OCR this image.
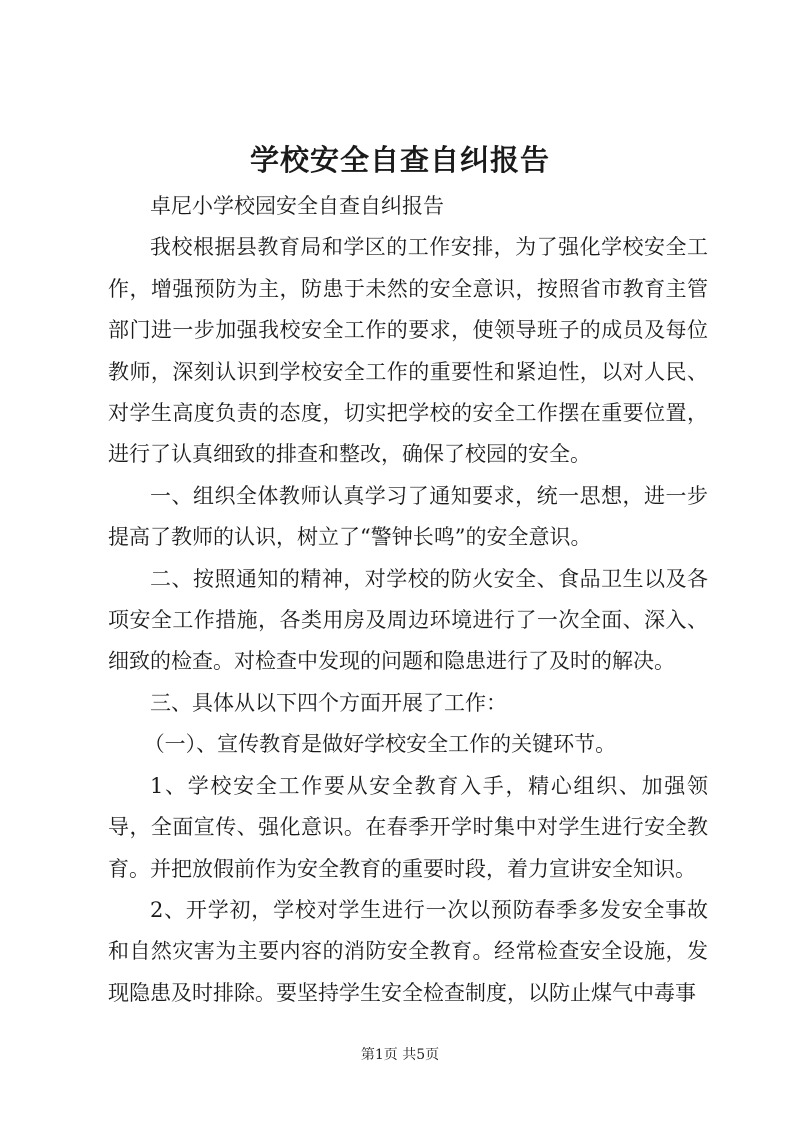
学校安全自查自纠报告

卓尼小学校园安全自查自纠报告

我校根据县教育局和学区的工作安排，为了强化学校安全工作，增强预防为主，防患于未然的安全意识，按照省市教育主管部门进一步加强我校安全工作的要求，使领导班子的成员及每位教师，深刻认识到学校安全工作的重要性和紧迫性，以对人民、对学生高度负责的态度，切实把学校的安全工作摆在重要位置，进行了认真细致的排查和整改，确保了校园的安全。

一、组织全体教师认真学习了通知要求，统一思想，进一步提高了教师的认识，树立了“警钟长鸣”的安全意识。

二、按照通知的精神，对学校的防火安全、食品卫生以及各项安全工作措施，各类用房及周边环境进行了一次全面、深入、细致的检查。对检查中发现的问题和隐患进行了及时的解决。

三、具体从以下四个方面开展了工作：

（一）、宣传教育是做好学校安全工作的关键环节。

1、学校安全工作要从安全教育入手，精心组织、加强领导，全面宣传、强化意识。在春季开学时集中对学生进行安全教育。并把放假前作为安全教育的重要时段，着力宣讲安全知识。

2、开学初，学校对学生进行一次以预防春季多发安全事故和自然灾害为主要内容的消防安全教育。经常检查安全设施，发现隐患及时排除。要坚持学生安全检查制度，以防止煤气中毒事

第1页 共5页
